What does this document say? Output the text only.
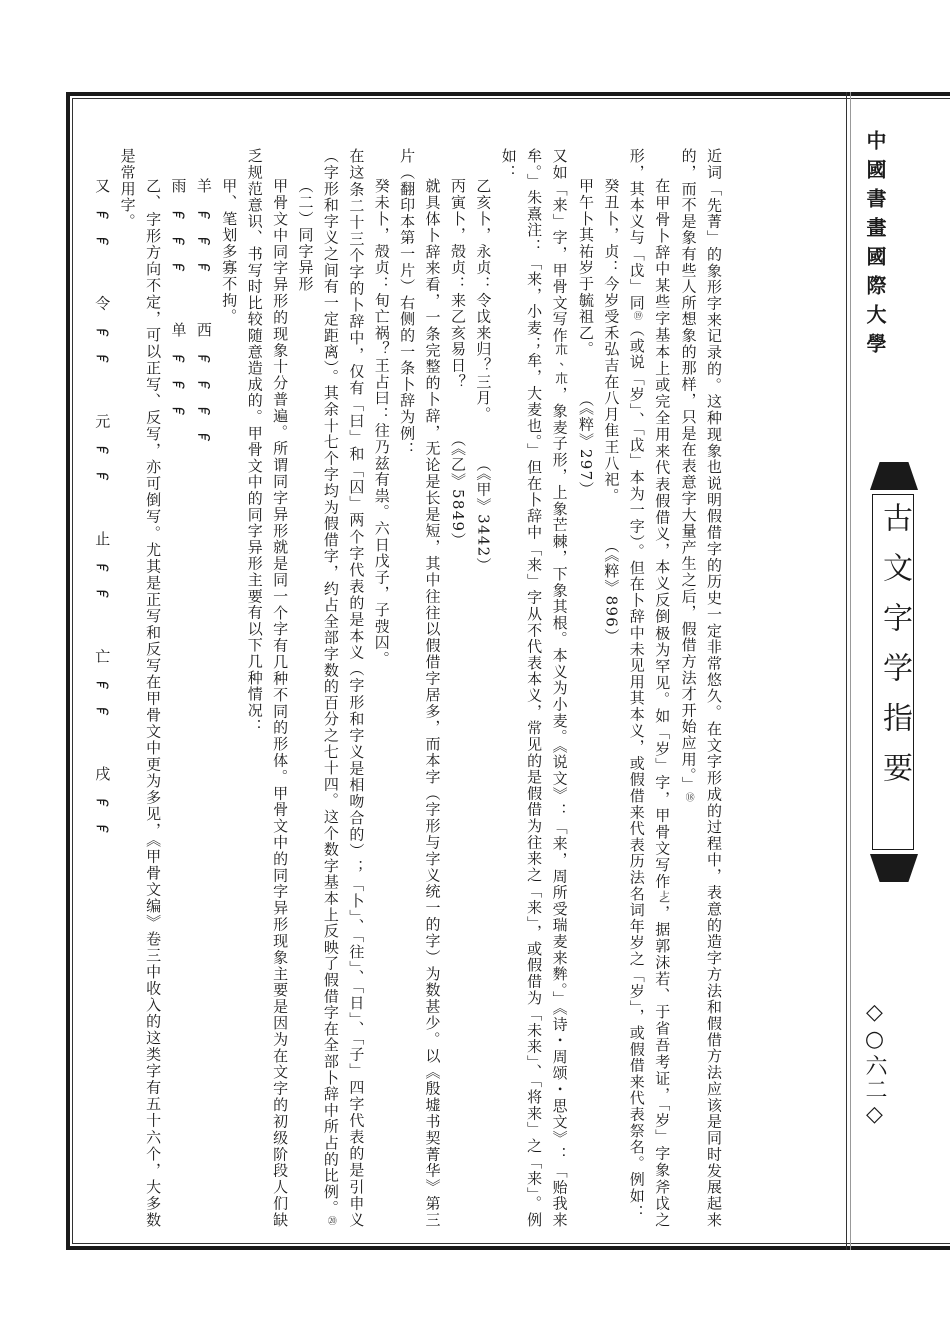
中國書畫國際大學
古文字学指要
◇○六二◇

近词「先菁」的象形字来记录的。这种现象也说明假借字的历史一定非常悠久。在文字形成的过程中，表意的造字方法和假借方法应该是同时发展起来的，而不是象有些人所想象的那样，只是在表意字大量产生之后，假借方法才开始应用。」⑱

在甲骨卜辞中某些字基本上或完全用来代表假借义，本义反倒极为罕见。如「岁」字，甲骨文写作𠧒，据郭沫若、于省吾考证，「岁」字象斧戉之形，其本义与「戉」同⑲（或说「岁」、「戉」本为一字）。但在卜辞中未见用其本义，或假借来代表历法名词年岁之「岁」，或假借来代表祭名。例如：

癸丑卜，贞：今岁受禾弘吉在八月隹王八祀。　　　（《粹》896）

甲午卜其祐岁于毓祖乙。　　　（《粹》297）

又如「来」字，甲骨文写作𣎳、𣎳，象麦子形，上象芒棘，下象其根。本义为小麦。《说文》：「来，周所受瑞麦来麰。」《诗・周颂・思文》：「贻我来牟。」朱熹注：「来，小麦；牟，大麦也。」但在卜辞中「来」字从不代表本义，常见的是假借为往来之「来」，或假借为「未来」、「将来」之「来」。例如：

乙亥卜，永贞：令戉来归？三月。　　　（《甲》3442）

丙寅卜，殻贞：来乙亥易日？　　　（《乙》5849）

就具体卜辞来看，一条完整的卜辞，无论是长是短，其中往往以假借字居多，而本字（字形与字义统一的字）为数甚少。以《殷墟书契菁华》第三片（翻印本第一片）右侧的一条卜辞为例：

癸未卜，殻贞：旬亡祸？王占曰：往乃兹有祟。六日戊子，子弢囚。

在这条二十三个字的卜辞中，仅有「曰」和「囚」两个字代表的是本义（字形和字义是相吻合的）；「卜」、「往」、「日」、「子」四字代表的是引申义（字形和字义之间有一定距离）。其余十七个字均为假借字，约占全部字数的百分之七十四。这个数字基本上反映了假借字在全部卜辞中所占的比例。⑳

（二）同字异形

甲骨文中同字异形的现象十分普遍。所谓同字异形就是同一个字有几种不同的形体。甲骨文中的同字异形现象主要是因为在文字的初级阶段人们缺乏规范意识、书写时比较随意造成的。甲骨文中的同字异形主要有以下几种情况：

甲、笔划多寡不拘。

羊　𐆀　𐆀　𐆀　　　西　𐆀　𐆀　𐆀　𐆀

雨　𐆀　𐆀　𐆀　　　单　𐆀　𐆀　𐆀

乙、字形方向不定，可以正写、反写，亦可倒写。尤其是正写和反写在甲骨文中更为多见，《甲骨文编》卷三中收入的这类字有五十六个，大多数是常用字。

又　𐆀　𐆀　　　令　𐆀　𐆀　　　元　𐆀　𐆀　　　止　𐆀　𐆀　　　亡　𐆀　𐆀　　　戌　𐆀　𐆀
